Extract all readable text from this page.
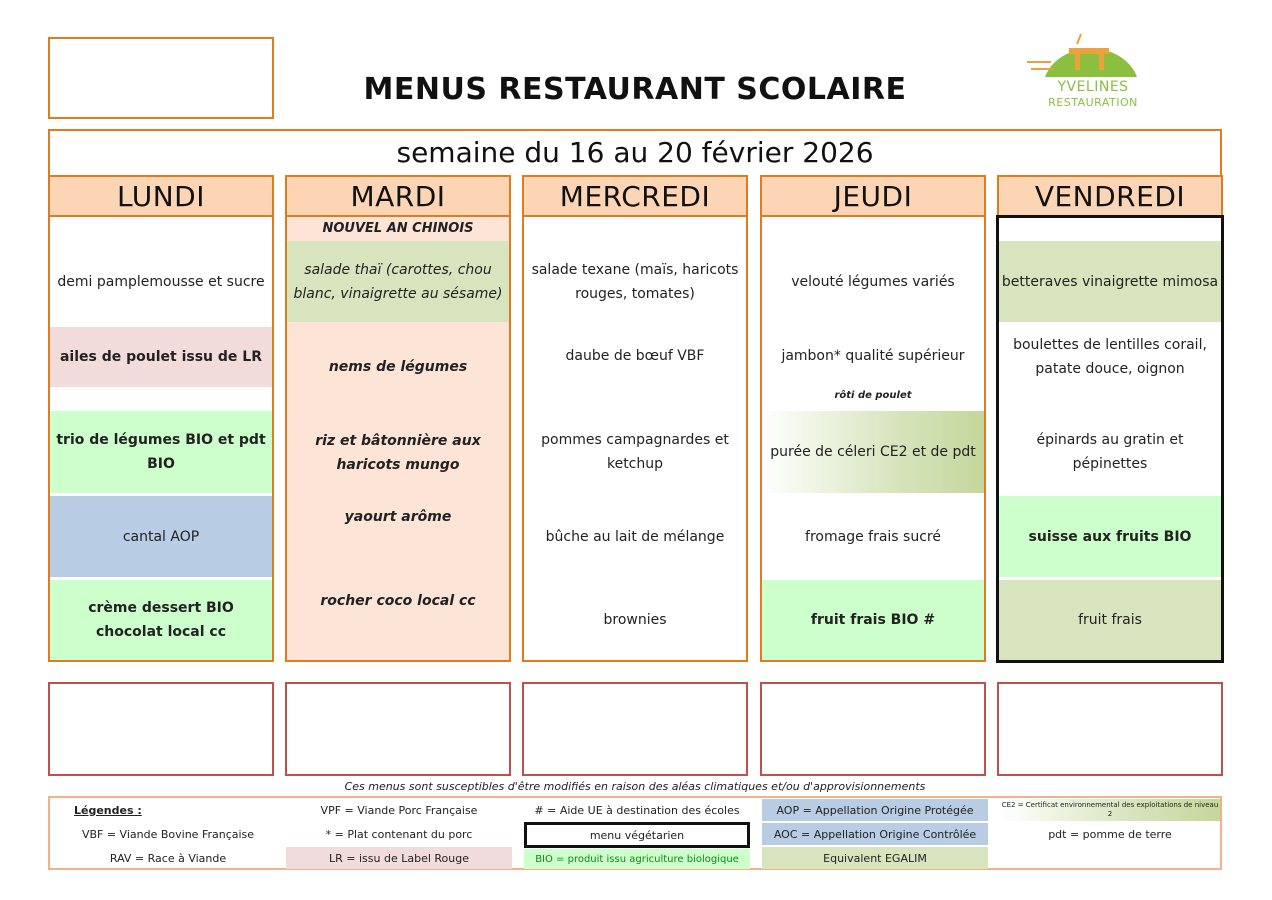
YVELINES
RESTAURATION
MENUS RESTAURANT SCOLAIRE
semaine du 16 au 20 février 2026
LUNDI
demi pamplemousse et sucre
ailes de poulet issu de LR
trio de légumes BIO et pdt BIO
cantal AOP
crème dessert BIO chocolat local cc
MARDI
NOUVEL AN CHINOIS
salade thaï (carottes, chou blanc, vinaigrette au sésame)
nems de légumes
riz et bâtonnière aux haricots mungo
yaourt arôme
rocher coco local cc
MERCREDI
salade texane (maïs, haricots rouges, tomates)
daube de bœuf VBF
pommes campagnardes et ketchup
bûche au lait de mélange
brownies
JEUDI
velouté légumes variés
jambon* qualité supérieur
rôti de poulet
purée de céleri CE2 et de pdt
fromage frais sucré
fruit frais BIO #
VENDREDI
betteraves vinaigrette mimosa
boulettes de lentilles corail, patate douce, oignon
épinards au gratin et pépinettes
suisse aux fruits BIO
fruit frais
Ces menus sont susceptibles d'être modifiés en raison des aléas climatiques et/ou d'approvisionnements
Légendes :
VBF = Viande Bovine Française
RAV = Race à Viande
VPF = Viande Porc Française
* = Plat contenant du porc
LR = issu de Label Rouge
# = Aide UE à destination des écoles
menu végétarien
BIO = produit issu agriculture biologique
AOP = Appellation Origine Protégée
AOC = Appellation Origine Contrôlée
Equivalent EGALIM
CE2 = Certificat environnemental des exploitations de niveau 2
pdt = pomme de terre
